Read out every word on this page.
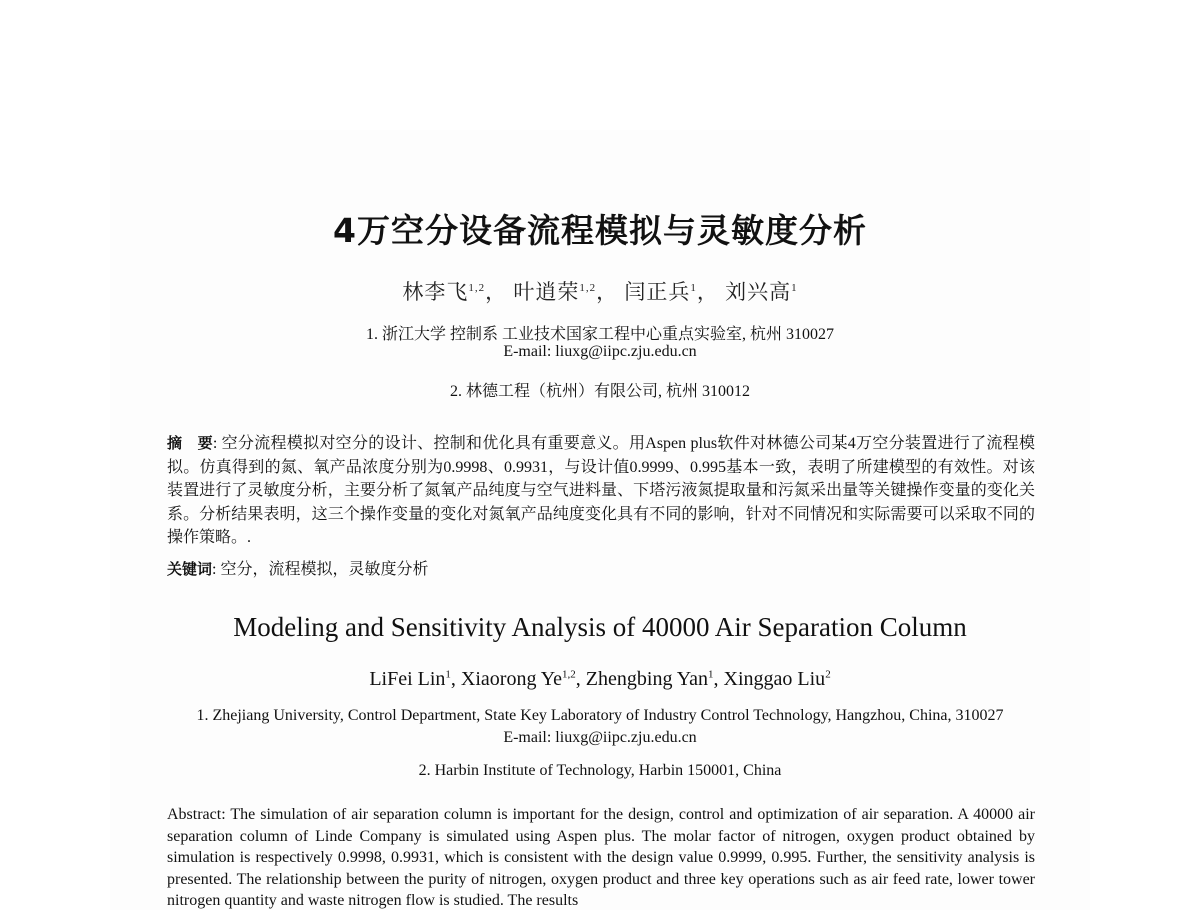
4万空分设备流程模拟与灵敏度分析
林李飞$^{1,2}$， 叶逍荣$^{1,2}$， 闫正兵$^1$， 刘兴高$^1$
1. 浙江大学 控制系 工业技术国家工程中心重点实验室, 杭州 310027
E-mail: liuxg@iipc.zju.edu.cn
2. 林德工程（杭州）有限公司, 杭州 310012
摘　要: 空分流程模拟对空分的设计、控制和优化具有重要意义。用Aspen plus软件对林德公司某4万空分装置进行了流程模拟。仿真得到的氮、氧产品浓度分别为0.9998、0.9931，与设计值0.9999、0.995基本一致，表明了所建模型的有效性。对该装置进行了灵敏度分析，主要分析了氮氧产品纯度与空气进料量、下塔污液氮提取量和污氮采出量等关键操作变量的变化关系。分析结果表明，这三个操作变量的变化对氮氧产品纯度变化具有不同的影响，针对不同情况和实际需要可以采取不同的操作策略。.
关键词: 空分，流程模拟，灵敏度分析
Modeling and Sensitivity Analysis of 40000 Air Separation Column
LiFei Lin$^1$, Xiaorong Ye$^{1,2}$, Zhengbing Yan$^1$, Xinggao Liu$^2$
1. Zhejiang University, Control Department, State Key Laboratory of Industry Control Technology, Hangzhou, China, 310027
E-mail: liuxg@iipc.zju.edu.cn
2. Harbin Institute of Technology, Harbin 150001, China
Abstract: The simulation of air separation column is important for the design, control and optimization of air separation. A 40000 air separation column of Linde Company is simulated using Aspen plus. The molar factor of nitrogen, oxygen product obtained by simulation is respectively 0.9998, 0.9931, which is consistent with the design value 0.9999, 0.995. Further, the sensitivity analysis is presented. The relationship between the purity of nitrogen, oxygen product and three key operations such as air feed rate, lower tower nitrogen quantity and waste nitrogen flow is studied. The results
